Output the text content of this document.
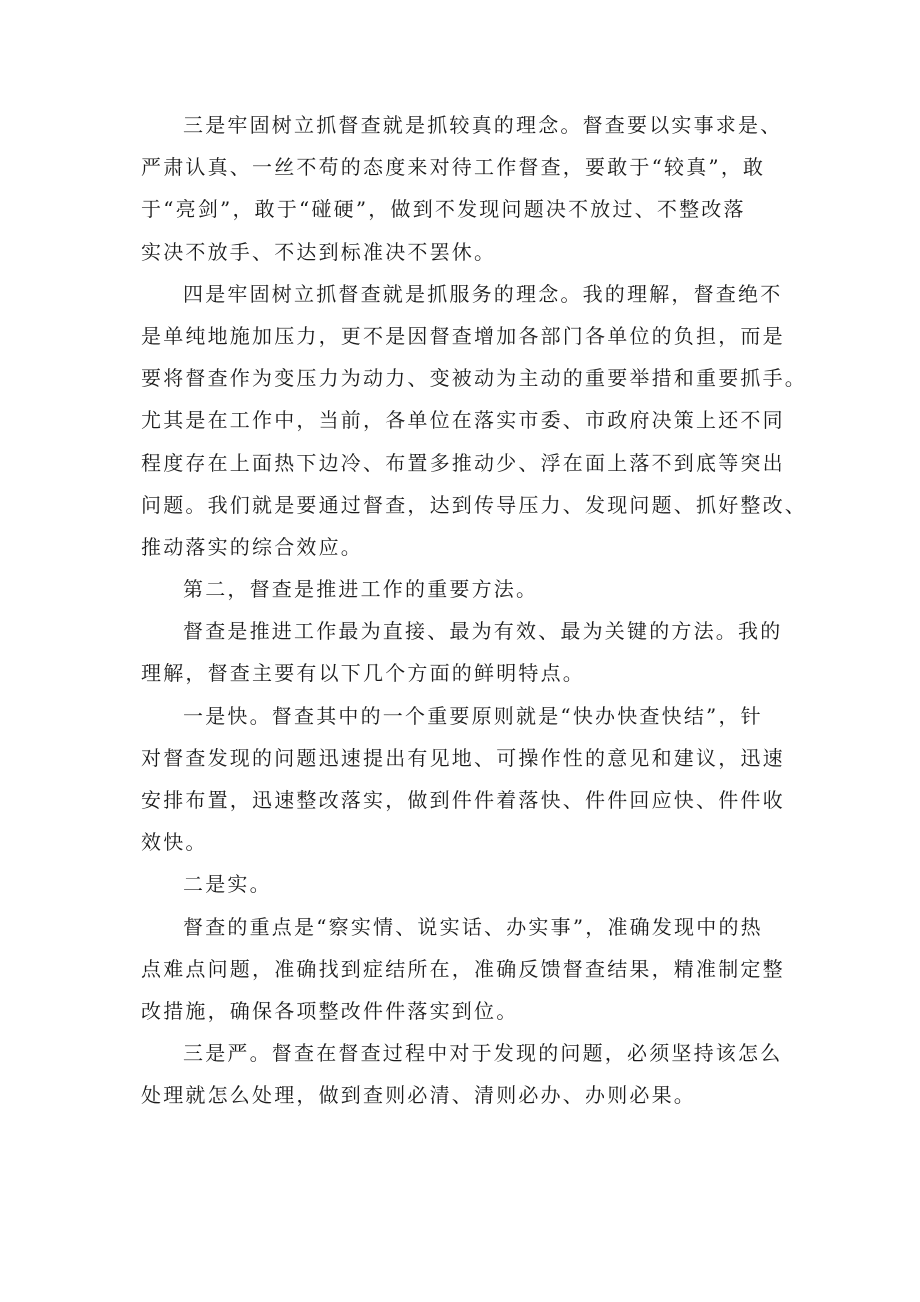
三是牢固树立抓督查就是抓较真的理念。督查要以实事求是、
严肃认真、一丝不苟的态度来对待工作督查，要敢于“较真”，敢
于“亮剑”，敢于“碰硬”，做到不发现问题决不放过、不整改落
实决不放手、不达到标准决不罢休。
四是牢固树立抓督查就是抓服务的理念。我的理解，督查绝不
是单纯地施加压力，更不是因督查增加各部门各单位的负担，而是
要将督查作为变压力为动力、变被动为主动的重要举措和重要抓手。
尤其是在工作中，当前，各单位在落实市委、市政府决策上还不同
程度存在上面热下边冷、布置多推动少、浮在面上落不到底等突出
问题。我们就是要通过督查，达到传导压力、发现问题、抓好整改、
推动落实的综合效应。
第二，督查是推进工作的重要方法。
督查是推进工作最为直接、最为有效、最为关键的方法。我的
理解，督查主要有以下几个方面的鲜明特点。
一是快。督查其中的一个重要原则就是“快办快查快结”，针
对督查发现的问题迅速提出有见地、可操作性的意见和建议，迅速
安排布置，迅速整改落实，做到件件着落快、件件回应快、件件收
效快。
二是实。
督查的重点是“察实情、说实话、办实事”，准确发现中的热
点难点问题，准确找到症结所在，准确反馈督查结果，精准制定整
改措施，确保各项整改件件落实到位。
三是严。督查在督查过程中对于发现的问题，必须坚持该怎么
处理就怎么处理，做到查则必清、清则必办、办则必果。
